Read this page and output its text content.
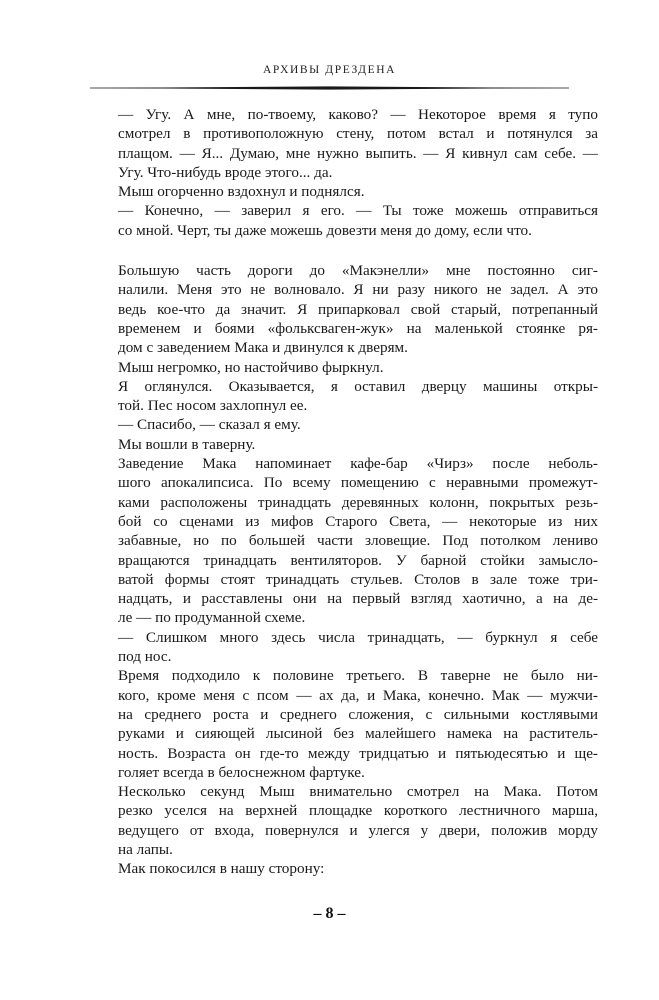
АРХИВЫ ДРЕЗДЕНА
— Угу. А мне, по-твоему, каково? — Некоторое время я тупо
смотрел в противоположную стену, потом встал и потянулся за
плащом. — Я... Думаю, мне нужно выпить. — Я кивнул сам себе. —
Угу. Что-нибудь вроде этого... да.
Мыш огорченно вздохнул и поднялся.
— Конечно, — заверил я его. — Ты тоже можешь отправиться
со мной. Черт, ты даже можешь довезти меня до дому, если что.
Большую часть дороги до «Макэнелли» мне постоянно сиг-
налили. Меня это не волновало. Я ни разу никого не задел. А это
ведь кое-что да значит. Я припарковал свой старый, потрепанный
временем и боями «фольксваген-жук» на маленькой стоянке ря-
дом с заведением Мака и двинулся к дверям.
Мыш негромко, но настойчиво фыркнул.
Я оглянулся. Оказывается, я оставил дверцу машины откры-
той. Пес носом захлопнул ее.
— Спасибо, — сказал я ему.
Мы вошли в таверну.
Заведение Мака напоминает кафе-бар «Чирз» после неболь-
шого апокалипсиса. По всему помещению с неравными промежут-
ками расположены тринадцать деревянных колонн, покрытых резь-
бой со сценами из мифов Старого Света, — некоторые из них
забавные, но по большей части зловещие. Под потолком лениво
вращаются тринадцать вентиляторов. У барной стойки замысло-
ватой формы стоят тринадцать стульев. Столов в зале тоже три-
надцать, и расставлены они на первый взгляд хаотично, а на де-
ле — по продуманной схеме.
— Слишком много здесь числа тринадцать, — буркнул я себе
под нос.
Время подходило к половине третьего. В таверне не было ни-
кого, кроме меня с псом — ах да, и Мака, конечно. Мак — мужчи-
на среднего роста и среднего сложения, с сильными костлявыми
руками и сияющей лысиной без малейшего намека на раститель-
ность. Возраста он где-то между тридцатью и пятьюдесятью и ще-
голяет всегда в белоснежном фартуке.
Несколько секунд Мыш внимательно смотрел на Мака. Потом
резко уселся на верхней площадке короткого лестничного марша,
ведущего от входа, повернулся и улегся у двери, положив морду
на лапы.
Мак покосился в нашу сторону:
– 8 –
